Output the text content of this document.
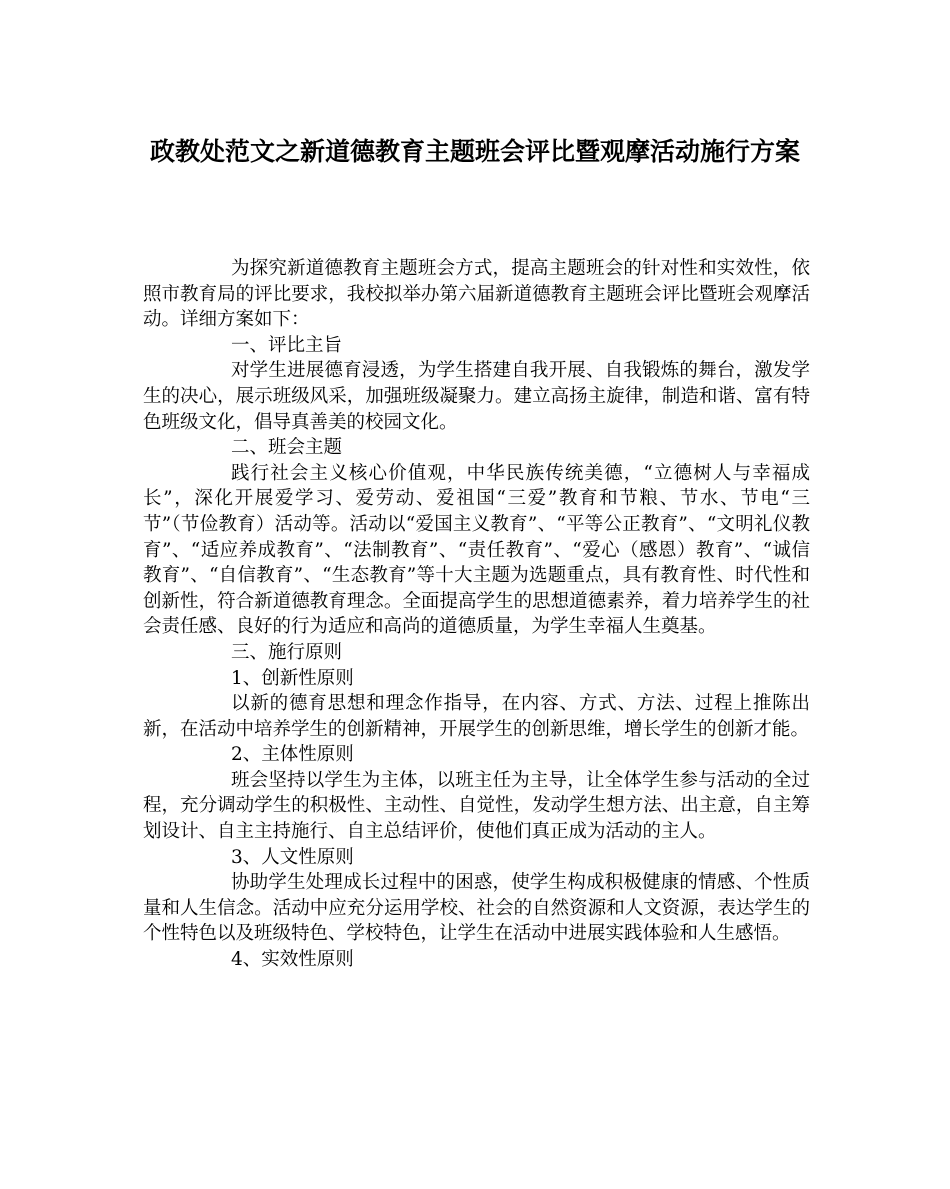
政教处范文之新道德教育主题班会评比暨观摩活动施行方案

为探究新道德教育主题班会方式，提高主题班会的针对性和实效性，依照市教育局的评比要求，我校拟举办第六届新道德教育主题班会评比暨班会观摩活动。详细方案如下：

一、评比主旨

对学生进展德育浸透，为学生搭建自我开展、自我锻炼的舞台，激发学生的决心，展示班级风采，加强班级凝聚力。建立高扬主旋律，制造和谐、富有特色班级文化，倡导真善美的校园文化。

二、班会主题

践行社会主义核心价值观，中华民族传统美德，“立德树人与幸福成长”，深化开展爱学习、爱劳动、爱祖国“三爱”教育和节粮、节水、节电“三节”（节俭教育）活动等。活动以“爱国主义教育”、“平等公正教育”、“文明礼仪教育”、“适应养成教育”、“法制教育”、“责任教育”、“爱心（感恩）教育”、“诚信教育”、“自信教育”、“生态教育”等十大主题为选题重点，具有教育性、时代性和创新性，符合新道德教育理念。全面提高学生的思想道德素养，着力培养学生的社会责任感、良好的行为适应和高尚的道德质量，为学生幸福人生奠基。

三、施行原则

1、创新性原则

以新的德育思想和理念作指导，在内容、方式、方法、过程上推陈出新，在活动中培养学生的创新精神，开展学生的创新思维，增长学生的创新才能。

2、主体性原则

班会坚持以学生为主体，以班主任为主导，让全体学生参与活动的全过程，充分调动学生的积极性、主动性、自觉性，发动学生想方法、出主意，自主筹划设计、自主主持施行、自主总结评价，使他们真正成为活动的主人。

3、人文性原则

协助学生处理成长过程中的困惑，使学生构成积极健康的情感、个性质量和人生信念。活动中应充分运用学校、社会的自然资源和人文资源，表达学生的个性特色以及班级特色、学校特色，让学生在活动中进展实践体验和人生感悟。

4、实效性原则
